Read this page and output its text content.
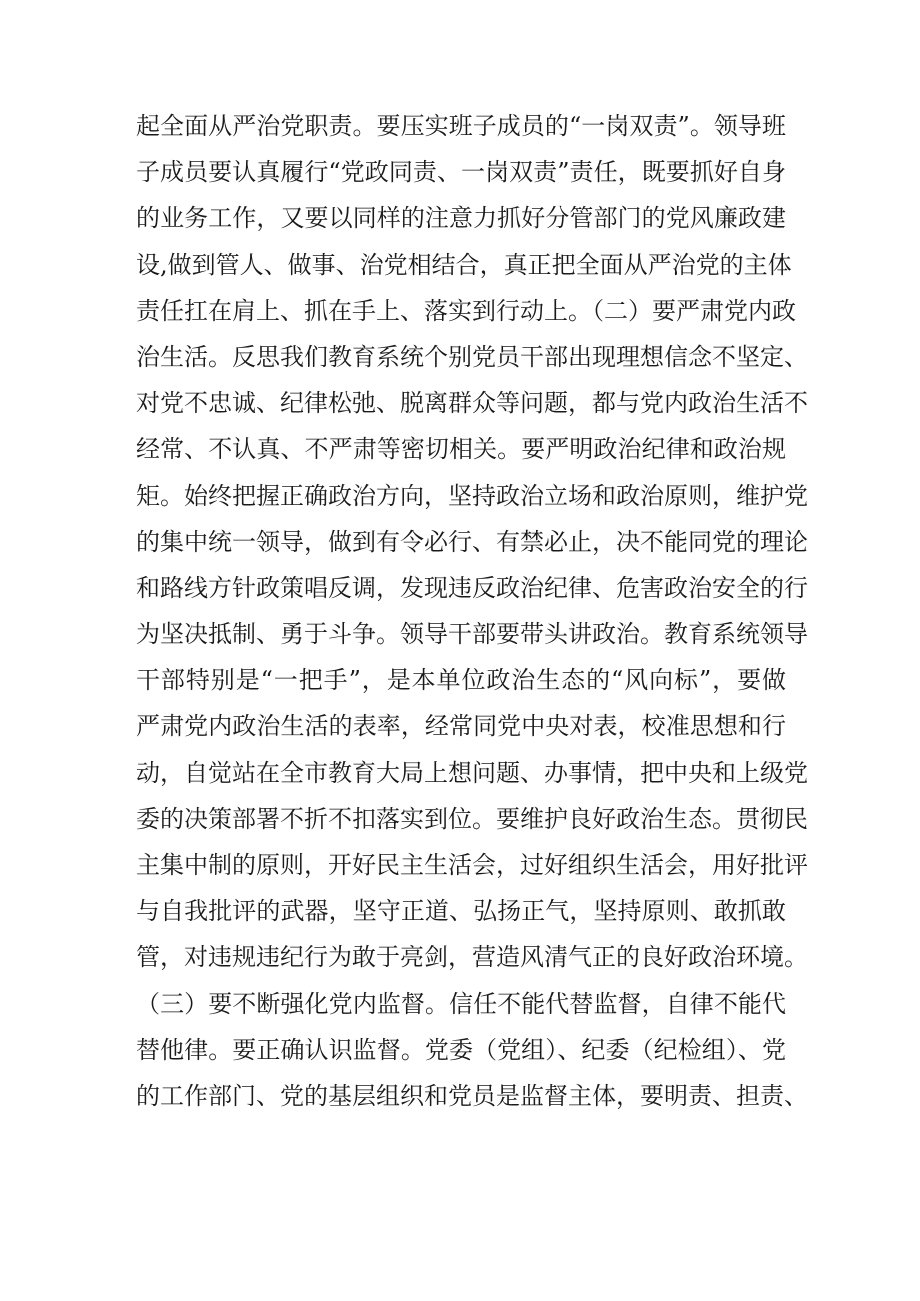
起全面从严治党职责。要压实班子成员的“一岗双责”。领导班
子成员要认真履行“党政同责、一岗双责”责任，既要抓好自身
的业务工作，又要以同样的注意力抓好分管部门的党风廉政建
设,做到管人、做事、治党相结合，真正把全面从严治党的主体
责任扛在肩上、抓在手上、落实到行动上。（二）要严肃党内政
治生活。反思我们教育系统个别党员干部出现理想信念不坚定、
对党不忠诚、纪律松弛、脱离群众等问题，都与党内政治生活不
经常、不认真、不严肃等密切相关。要严明政治纪律和政治规
矩。始终把握正确政治方向，坚持政治立场和政治原则，维护党
的集中统一领导，做到有令必行、有禁必止，决不能同党的理论
和路线方针政策唱反调，发现违反政治纪律、危害政治安全的行
为坚决抵制、勇于斗争。领导干部要带头讲政治。教育系统领导
干部特别是“一把手”，是本单位政治生态的“风向标”，要做
严肃党内政治生活的表率，经常同党中央对表，校准思想和行
动，自觉站在全市教育大局上想问题、办事情，把中央和上级党
委的决策部署不折不扣落实到位。要维护良好政治生态。贯彻民
主集中制的原则，开好民主生活会，过好组织生活会，用好批评
与自我批评的武器，坚守正道、弘扬正气，坚持原则、敢抓敢
管，对违规违纪行为敢于亮剑，营造风清气正的良好政治环境。
（三）要不断强化党内监督。信任不能代替监督，自律不能代
替他律。要正确认识监督。党委（党组）、纪委（纪检组）、党
的工作部门、党的基层组织和党员是监督主体，要明责、担责、
